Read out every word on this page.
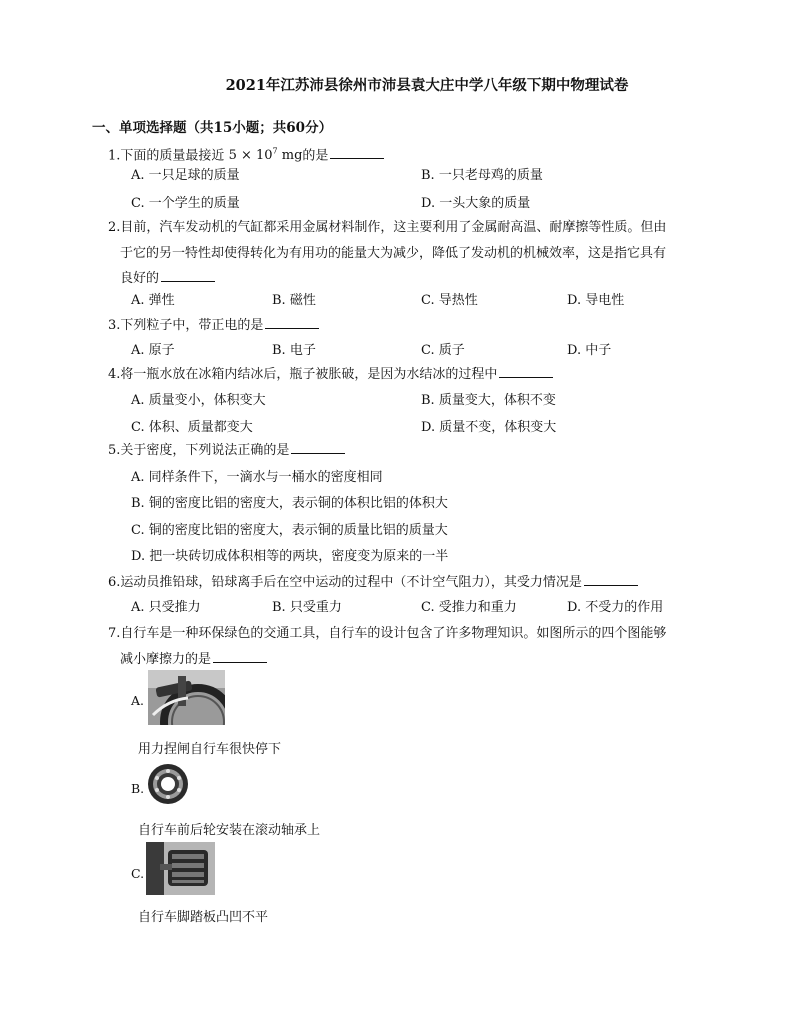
2021年江苏沛县徐州市沛县袁大庄中学八年级下期中物理试卷
一、单项选择题（共15小题；共60分）
1.下面的质量最接近 $5 \times 10^7$ mg的是
A. 一只足球的质量	B. 一只老母鸡的质量
C. 一个学生的质量	D. 一头大象的质量
2.目前，汽车发动机的气缸都采用金属材料制作，这主要利用了金属耐高温、耐摩擦等性质。但由
于它的另一特性却使得转化为有用功的能量大为减少，降低了发动机的机械效率，这是指它具有
良好的
A. 弹性	B. 磁性	C. 导热性	D. 导电性
3.下列粒子中，带正电的是
A. 原子	B. 电子	C. 质子	D. 中子
4.将一瓶水放在冰箱内结冰后，瓶子被胀破，是因为水结冰的过程中
A. 质量变小，体积变大	B. 质量变大，体积不变
C. 体积、质量都变大	D. 质量不变，体积变大
5.关于密度，下列说法正确的是
A. 同样条件下，一滴水与一桶水的密度相同
B. 铜的密度比铝的密度大，表示铜的体积比铝的体积大
C. 铜的密度比铝的密度大，表示铜的质量比铝的质量大
D. 把一块砖切成体积相等的两块，密度变为原来的一半
6.运动员推铅球，铅球离手后在空中运动的过程中（不计空气阻力），其受力情况是
A. 只受推力	B. 只受重力	C. 受推力和重力	D. 不受力的作用
7.自行车是一种环保绿色的交通工具，自行车的设计包含了许多物理知识。如图所示的四个图能够
减小摩擦力的是
A.
用力捏闸自行车很快停下
B.
自行车前后轮安装在滚动轴承上
C.
自行车脚踏板凸凹不平
